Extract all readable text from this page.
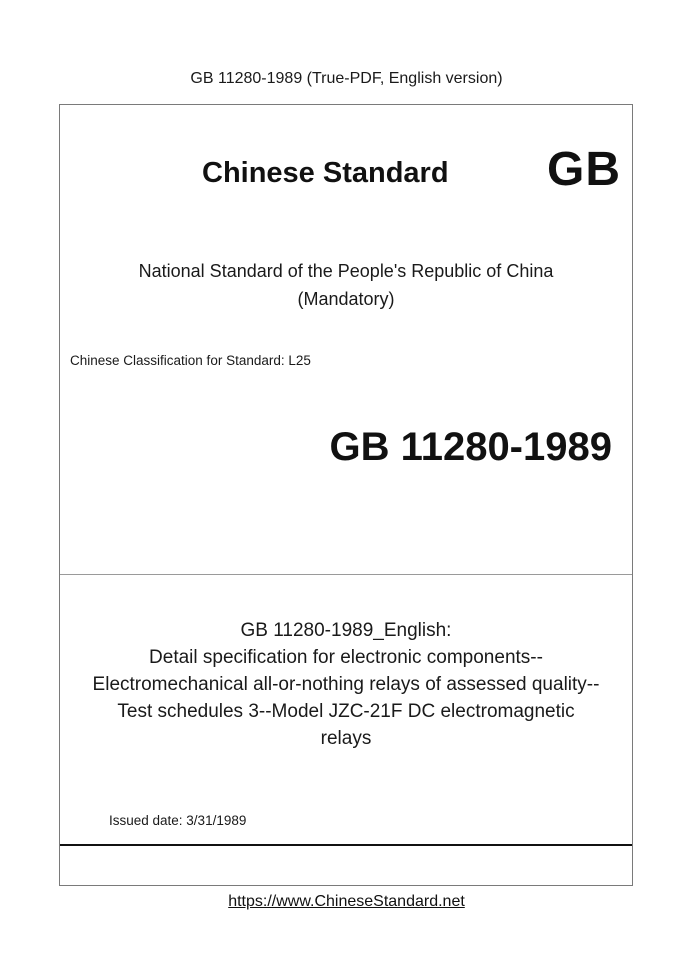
GB 11280-1989 (True-PDF, English version)
Chinese Standard GB
National Standard of the People's Republic of China
(Mandatory)
Chinese Classification for Standard: L25
GB 11280-1989
GB 11280-1989_English:
Detail specification for electronic components--
Electromechanical all-or-nothing relays of assessed quality--
Test schedules 3--Model JZC-21F DC electromagnetic
relays
Issued date: 3/31/1989
https://www.ChineseStandard.net
